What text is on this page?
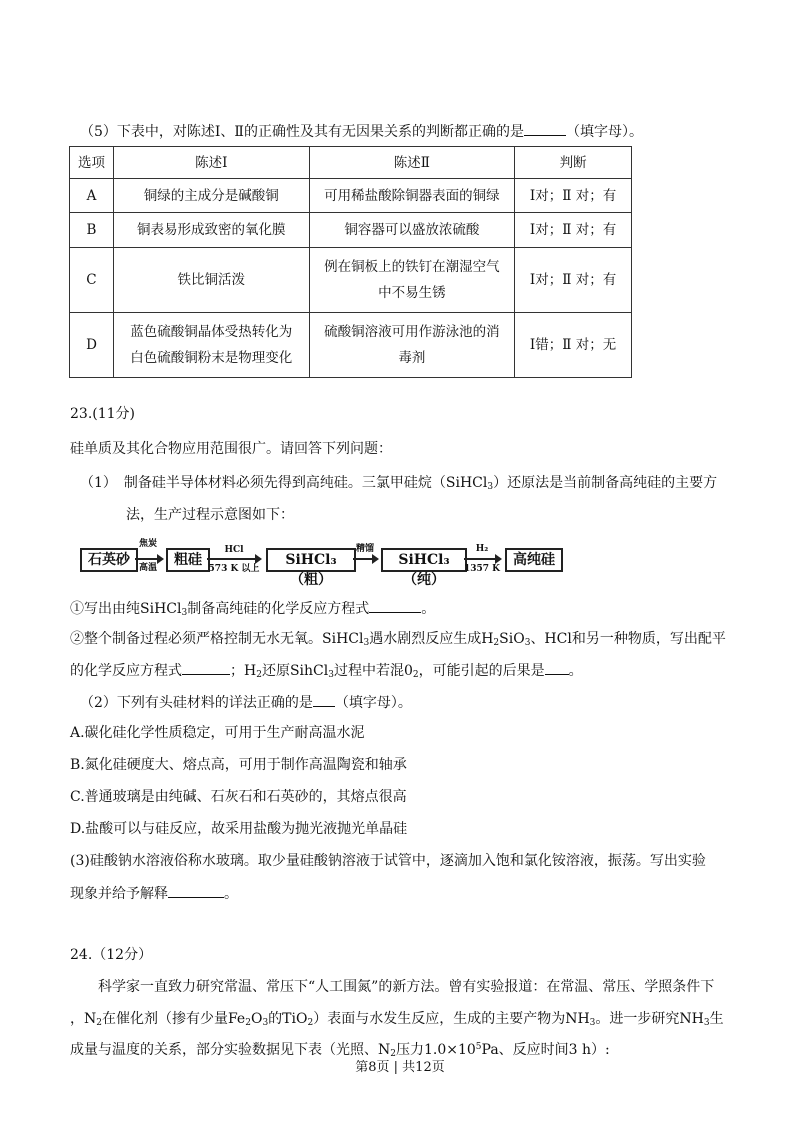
（5）下表中，对陈述Ⅰ、Ⅱ的正确性及其有无因果关系的判断都正确的是	（填字母）。
选项	陈述Ⅰ	陈述Ⅱ	判断
A	铜绿的主成分是碱酸铜	可用稀盐酸除铜器表面的铜绿	Ⅰ对；Ⅱ 对；有
B	铜表易形成致密的氧化膜	铜容器可以盛放浓硫酸	Ⅰ对；Ⅱ 对；有
C	铁比铜活泼	例在铜板上的铁钉在潮湿空气
中不易生锈	Ⅰ对；Ⅱ 对；有
D	蓝色硫酸铜晶体受热转化为
白色硫酸铜粉末是物理变化	硫酸铜溶液可用作游泳池的消
毒剂	Ⅰ错；Ⅱ 对；无
23.(11分)
硅单质及其化合物应用范围很广。请回答下列问题：
（1）　制备硅半导体材料必须先得到高纯硅。三氯甲硅烷（SiHCl$_3$）还原法是当前制备高纯硅的主要方
法，生产过程示意图如下：
石英砂
焦炭
高温	粗硅
HCl
573 K 以上
SiHCl₃（粗）
精馏
SiHCl₃（纯）
H₂
1357 K
高纯硅
①写出由纯SiHCl$_3$制备高纯硅的化学反应方程式	。
②整个制备过程必须严格控制无水无氧。SiHCl$_3$遇水剧烈反应生成$H_2SiO_3$、HCl和另一种物质，写出配平
的化学反应方程式	；$H_2$还原SihCl$_3$过程中若混$0_2$，可能引起的后果是 。
（2）下列有头硅材料的详法正确的是 （填字母）。
A.碳化硅化学性质稳定，可用于生产耐高温水泥
B.氮化硅硬度大、熔点高，可用于制作高温陶瓷和轴承
C.普通玻璃是由纯碱、石灰石和石英砂的，其熔点很高
D.盐酸可以与硅反应，故采用盐酸为抛光液抛光单晶硅
(3)硅酸钠水溶液俗称水玻璃。取少量硅酸钠溶液于试管中，逐滴加入饱和氯化铵溶液，振荡。写出实验
现象并给予解释	。
24.（12分）
科学家一直致力研究常温、常压下“人工围氮”的新方法。曾有实验报道：在常温、常压、学照条件下
，$N_2$在催化剂（掺有少量$Fe_2O_3$的TiO$_2$）表面与水发生反应，生成的主要产物为$NH_3$。进一步研究$NH_3$生
成量与温度的关系，部分实验数据见下表（光照、$N_2$压力$1.0\times 10^5Pa$、反应时间3 h）:
第8页 | 共12页
